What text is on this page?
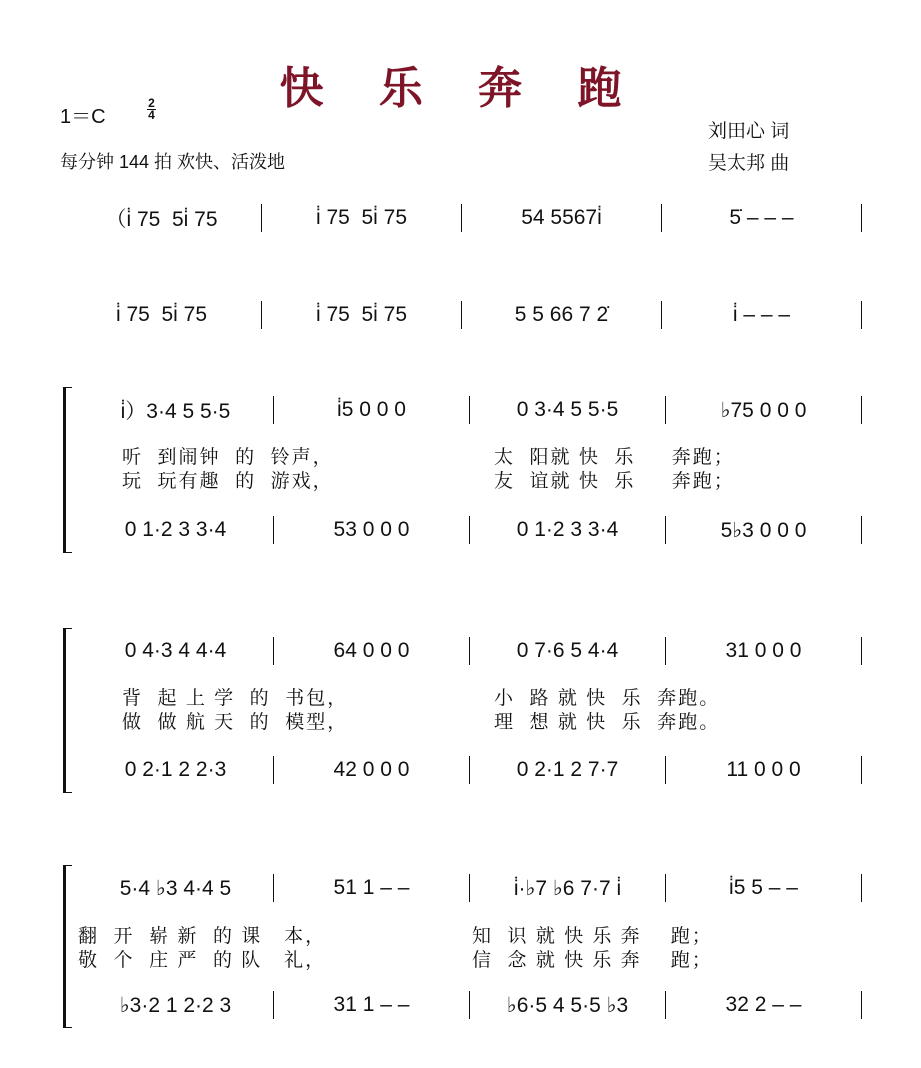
快 乐 奔 跑
1＝C
2
4
每分钟 144 拍 欢快、活泼地
刘田心 词
吴太邦 曲
（i̇ 75  5i̇ 75	i̇ 75  5i̇ 75	54 5567i̇	5̇ – – –
i̇ 75  5i̇ 75	i̇ 75  5i̇ 75	5 5 66 7 2̇	i̇ – – –
i̇）3·4 5 5·5	i̇5 0 0 0	0 3·4 5 5·5	♭75 0 0 0
0 1·2 3 3·4	53 0 0 0	0 1·2 3 3·4	5♭3 0 0 0
听  到闹钟  的  铃声，	太  阳就 快  乐     奔跑；
玩  玩有趣  的  游戏，	友  谊就 快  乐     奔跑；
0 4·3 4 4·4	64 0 0 0	0 7·6 5 4·4	31 0 0 0
0 2·1 2 2·3	42 0 0 0	0 2·1 2 7·7	11 0 0 0
背  起 上 学  的  书包，	小  路 就 快  乐  奔跑。
做  做 航 天  的  模型，	理  想 就 快  乐  奔跑。
5·4 ♭3 4·4 5	51 1 – –	i̇·♭7 ♭6 7·7 i̇	i̇5 5 – –
♭3·2 1 2·2 3	31 1 – –	♭6·5 4 5·5 ♭3	32 2 – –
翻  开  崭 新  的 课   本，	知  识 就 快 乐 奔    跑；
敬  个  庄 严  的 队   礼，	信  念 就 快 乐 奔    跑；
